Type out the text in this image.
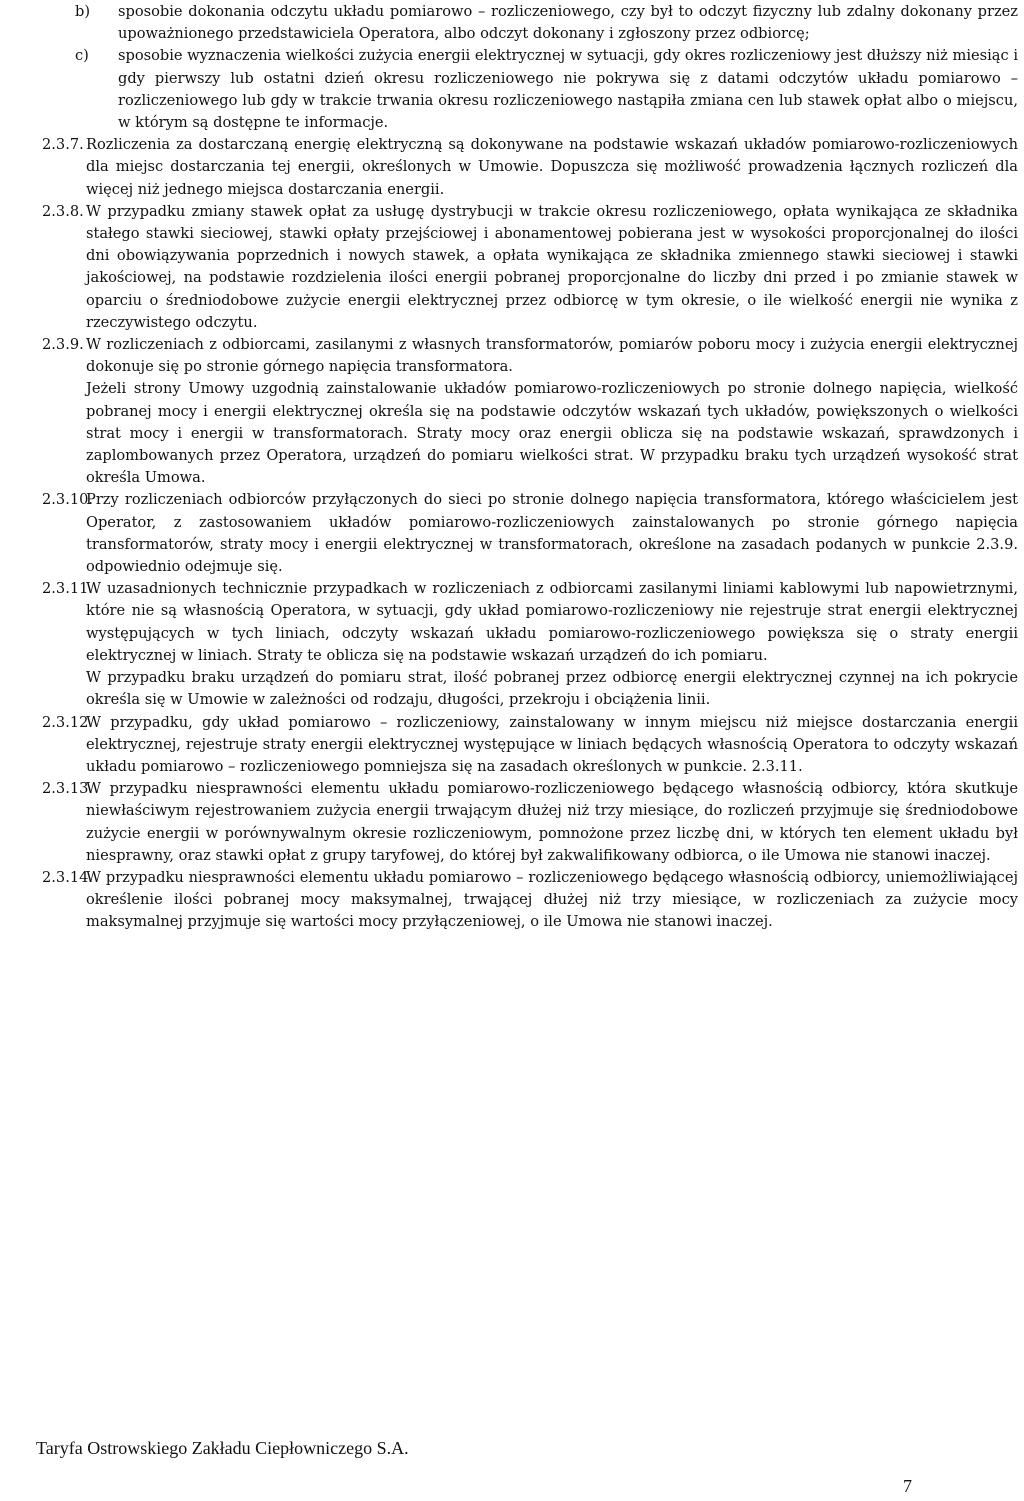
b)	sposobie dokonania odczytu układu pomiarowo – rozliczeniowego, czy był to odczyt fizyczny lub zdalny dokonany przez upoważnionego przedstawiciela Operatora, albo odczyt dokonany i zgłoszony przez odbiorcę;
c)	sposobie wyznaczenia wielkości zużycia energii elektrycznej w sytuacji, gdy okres rozliczeniowy jest dłuższy niż miesiąc i gdy pierwszy lub ostatni dzień okresu rozliczeniowego nie pokrywa się z datami odczytów układu pomiarowo – rozliczeniowego lub gdy w trakcie trwania okresu rozliczeniowego nastąpiła zmiana cen lub stawek opłat albo o miejscu, w którym są dostępne te informacje.
2.3.7. Rozliczenia za dostarczaną energię elektryczną są dokonywane na podstawie wskazań układów pomiarowo-rozliczeniowych dla miejsc dostarczania tej energii, określonych w Umowie. Dopuszcza się możliwość prowadzenia łącznych rozliczeń dla więcej niż jednego miejsca dostarczania energii.
2.3.8. W przypadku zmiany stawek opłat za usługę dystrybucji w trakcie okresu rozliczeniowego, opłata wynikająca ze składnika stałego stawki sieciowej, stawki opłaty przejściowej i abonamentowej pobierana jest w wysokości proporcjonalnej do ilości dni obowiązywania poprzednich i nowych stawek, a opłata wynikająca ze składnika zmiennego stawki sieciowej i stawki jakościowej, na podstawie rozdzielenia ilości energii pobranej proporcjonalne do liczby dni przed i po zmianie stawek w oparciu o średniodobowe zużycie energii elektrycznej przez odbiorcę w tym okresie, o ile wielkość energii nie wynika z rzeczywistego odczytu.
2.3.9. W rozliczeniach z odbiorcami, zasilanymi z własnych transformatorów, pomiarów poboru mocy i zużycia energii elektrycznej dokonuje się po stronie górnego napięcia transformatora.
Jeżeli strony Umowy uzgodnią zainstalowanie układów pomiarowo-rozliczeniowych po stronie dolnego napięcia, wielkość pobranej mocy i energii elektrycznej określa się na podstawie odczytów wskazań tych układów, powiększonych o wielkości strat mocy i energii w transformatorach. Straty mocy oraz energii oblicza się na podstawie wskazań, sprawdzonych i zaplombowanych przez Operatora, urządzeń do pomiaru wielkości strat. W przypadku braku tych urządzeń wysokość strat określa Umowa.
2.3.10.
Przy rozliczeniach odbiorców przyłączonych do sieci po stronie dolnego napięcia transformatora, którego właścicielem jest Operator, z zastosowaniem układów pomiarowo-rozliczeniowych zainstalowanych po stronie górnego napięcia transformatorów, straty mocy i energii elektrycznej w transformatorach, określone na zasadach podanych w punkcie 2.3.9. odpowiednio odejmuje się.
2.3.11.
W uzasadnionych technicznie przypadkach w rozliczeniach z odbiorcami zasilanymi liniami kablowymi lub napowietrznymi, które nie są własnością Operatora, w sytuacji, gdy układ pomiarowo-rozliczeniowy nie rejestruje strat energii elektrycznej występujących w tych liniach, odczyty wskazań układu pomiarowo-rozliczeniowego powiększa się o straty energii elektrycznej w liniach. Straty te oblicza się na podstawie wskazań urządzeń do ich pomiaru.
W przypadku braku urządzeń do pomiaru strat, ilość pobranej przez odbiorcę energii elektrycznej czynnej na ich pokrycie określa się w Umowie w zależności od rodzaju, długości, przekroju i obciążenia linii.
2.3.12.
W przypadku, gdy układ pomiarowo – rozliczeniowy, zainstalowany w innym miejscu niż miejsce dostarczania energii elektrycznej, rejestruje straty energii elektrycznej występujące w liniach będących własnością Operatora to odczyty wskazań układu pomiarowo – rozliczeniowego pomniejsza się na zasadach określonych w punkcie. 2.3.11.
2.3.13.
W przypadku niesprawności elementu układu pomiarowo-rozliczeniowego będącego własnością odbiorcy, która skutkuje niewłaściwym rejestrowaniem zużycia energii trwającym dłużej niż trzy miesiące, do rozliczeń przyjmuje się średniodobowe zużycie energii w porównywalnym okresie rozliczeniowym, pomnożone przez liczbę dni, w których ten element układu był niesprawny, oraz stawki opłat z grupy taryfowej, do której był zakwalifikowany odbiorca, o ile Umowa nie stanowi inaczej.
2.3.14.
W przypadku niesprawności elementu układu pomiarowo – rozliczeniowego będącego własnością odbiorcy, uniemożliwiającej określenie ilości pobranej mocy maksymalnej, trwającej dłużej niż trzy miesiące, w rozliczeniach za zużycie mocy maksymalnej przyjmuje się wartości mocy przyłączeniowej, o ile Umowa nie stanowi inaczej.
Taryfa Ostrowskiego Zakładu Ciepłowniczego S.A.
7
